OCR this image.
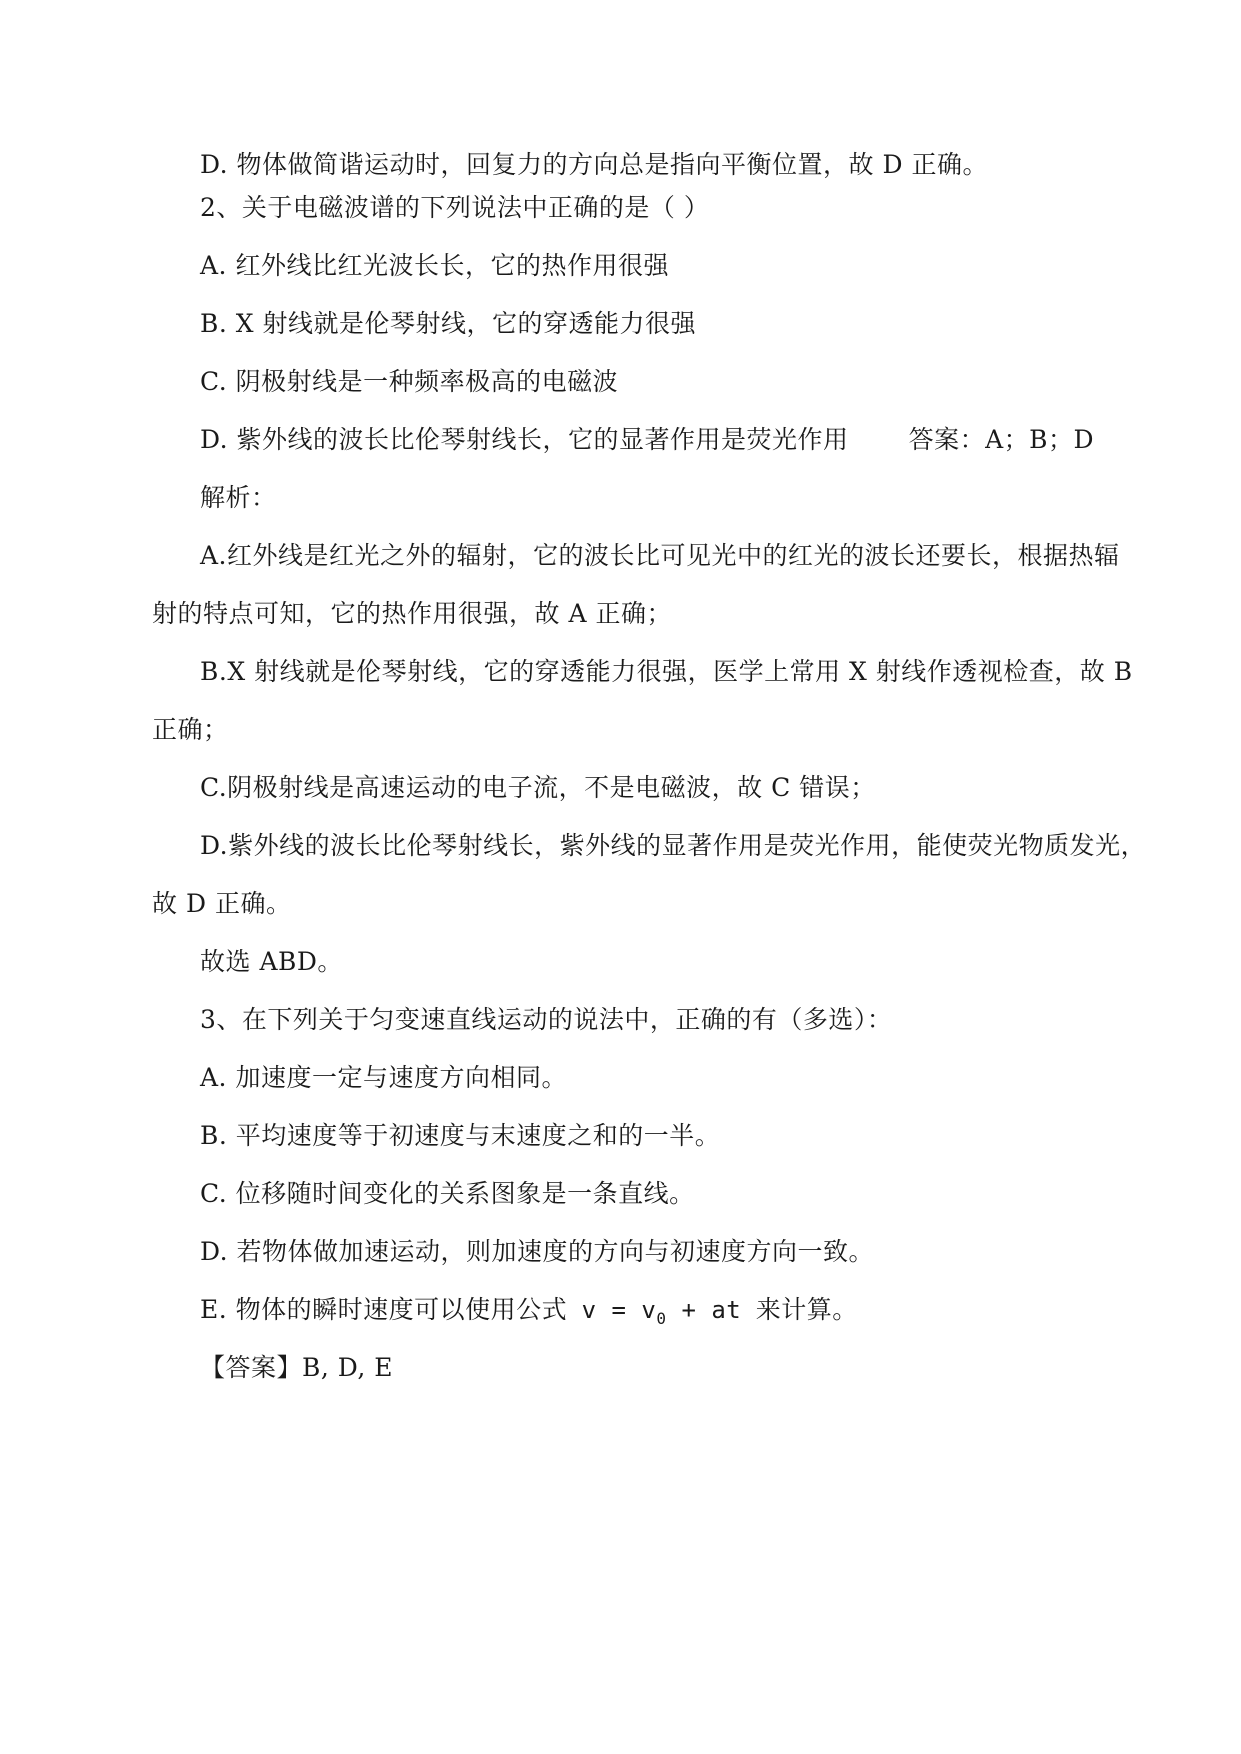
D. 物体做简谐运动时，回复力的方向总是指向平衡位置，故 D 正确。
2、关于电磁波谱的下列说法中正确的是（ ）
A. 红外线比红光波长长，它的热作用很强
B. X 射线就是伦琴射线，它的穿透能力很强
C. 阴极射线是一种频率极高的电磁波
D. 紫外线的波长比伦琴射线长，它的显著作用是荧光作用 答案：A；B；D
解析：
A.红外线是红光之外的辐射，它的波长比可见光中的红光的波长还要长，根据热辐
射的特点可知，它的热作用很强，故 A 正确；
B.X 射线就是伦琴射线，它的穿透能力很强，医学上常用 X 射线作透视检查，故 B
正确；
C.阴极射线是高速运动的电子流，不是电磁波，故 C 错误；
D.紫外线的波长比伦琴射线长，紫外线的显著作用是荧光作用，能使荧光物质发光，
故 D 正确。
故选 ABD。
3、在下列关于匀变速直线运动的说法中，正确的有（多选）：
A. 加速度一定与速度方向相同。
B. 平均速度等于初速度与末速度之和的一半。
C. 位移随时间变化的关系图象是一条直线。
D. 若物体做加速运动，则加速度的方向与初速度方向一致。
E. 物体的瞬时速度可以使用公式 $v = v_0$ + at 来计算。
【答案】B, D, E
